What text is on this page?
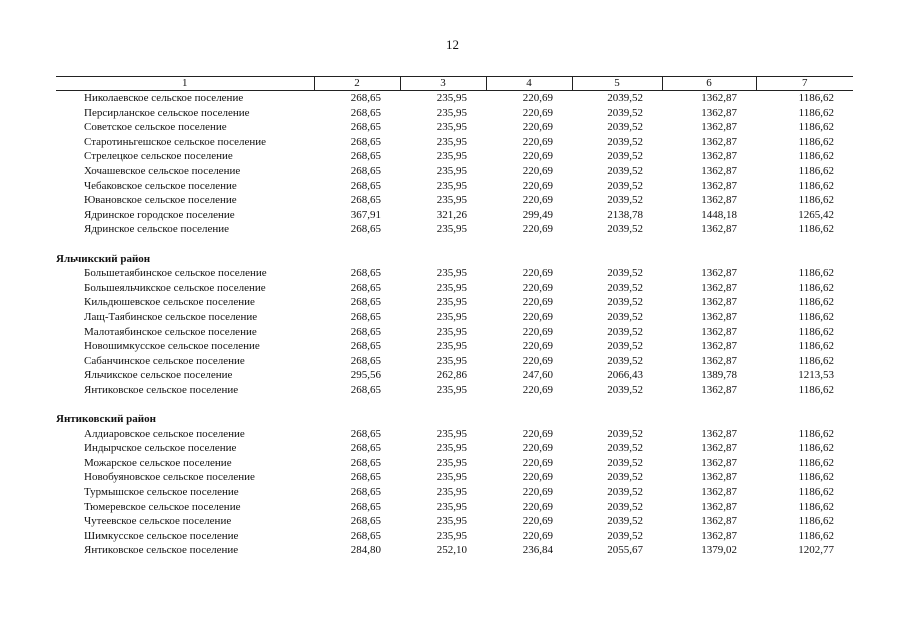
12
1	2	3	4	5	6	7
Николаевское сельское поселение	268,65	235,95	220,69	2039,52	1362,87	1186,62
Персирланское сельское поселение	268,65	235,95	220,69	2039,52	1362,87	1186,62
Советское сельское поселение	268,65	235,95	220,69	2039,52	1362,87	1186,62
Старотиньгешское сельское поселение	268,65	235,95	220,69	2039,52	1362,87	1186,62
Стрелецкое сельское поселение	268,65	235,95	220,69	2039,52	1362,87	1186,62
Хочашевское сельское поселение	268,65	235,95	220,69	2039,52	1362,87	1186,62
Чебаковское сельское поселение	268,65	235,95	220,69	2039,52	1362,87	1186,62
Ювановское сельское поселение	268,65	235,95	220,69	2039,52	1362,87	1186,62
Ядринское городское поселение	367,91	321,26	299,49	2138,78	1448,18	1265,42
Ядринское сельское поселение	268,65	235,95	220,69	2039,52	1362,87	1186,62

Яльчикский район						
Большетаябинское сельское поселение	268,65	235,95	220,69	2039,52	1362,87	1186,62
Большеяльчикское сельское поселение	268,65	235,95	220,69	2039,52	1362,87	1186,62
Кильдюшевское сельское поселение	268,65	235,95	220,69	2039,52	1362,87	1186,62
Лащ-Таябинское сельское поселение	268,65	235,95	220,69	2039,52	1362,87	1186,62
Малотаябинское сельское поселение	268,65	235,95	220,69	2039,52	1362,87	1186,62
Новошимкусское сельское поселение	268,65	235,95	220,69	2039,52	1362,87	1186,62
Сабанчинское сельское поселение	268,65	235,95	220,69	2039,52	1362,87	1186,62
Яльчикское сельское поселение	295,56	262,86	247,60	2066,43	1389,78	1213,53
Янтиковское сельское поселение	268,65	235,95	220,69	2039,52	1362,87	1186,62

Янтиковский район						
Алдиаровское сельское поселение	268,65	235,95	220,69	2039,52	1362,87	1186,62
Индырчское сельское поселение	268,65	235,95	220,69	2039,52	1362,87	1186,62
Можарское сельское поселение	268,65	235,95	220,69	2039,52	1362,87	1186,62
Новобуяновское сельское поселение	268,65	235,95	220,69	2039,52	1362,87	1186,62
Турмышское сельское поселение	268,65	235,95	220,69	2039,52	1362,87	1186,62
Тюмеревское сельское поселение	268,65	235,95	220,69	2039,52	1362,87	1186,62
Чутеевское сельское поселение	268,65	235,95	220,69	2039,52	1362,87	1186,62
Шимкусское сельское поселение	268,65	235,95	220,69	2039,52	1362,87	1186,62
Янтиковское сельское поселение	284,80	252,10	236,84	2055,67	1379,02	1202,77
